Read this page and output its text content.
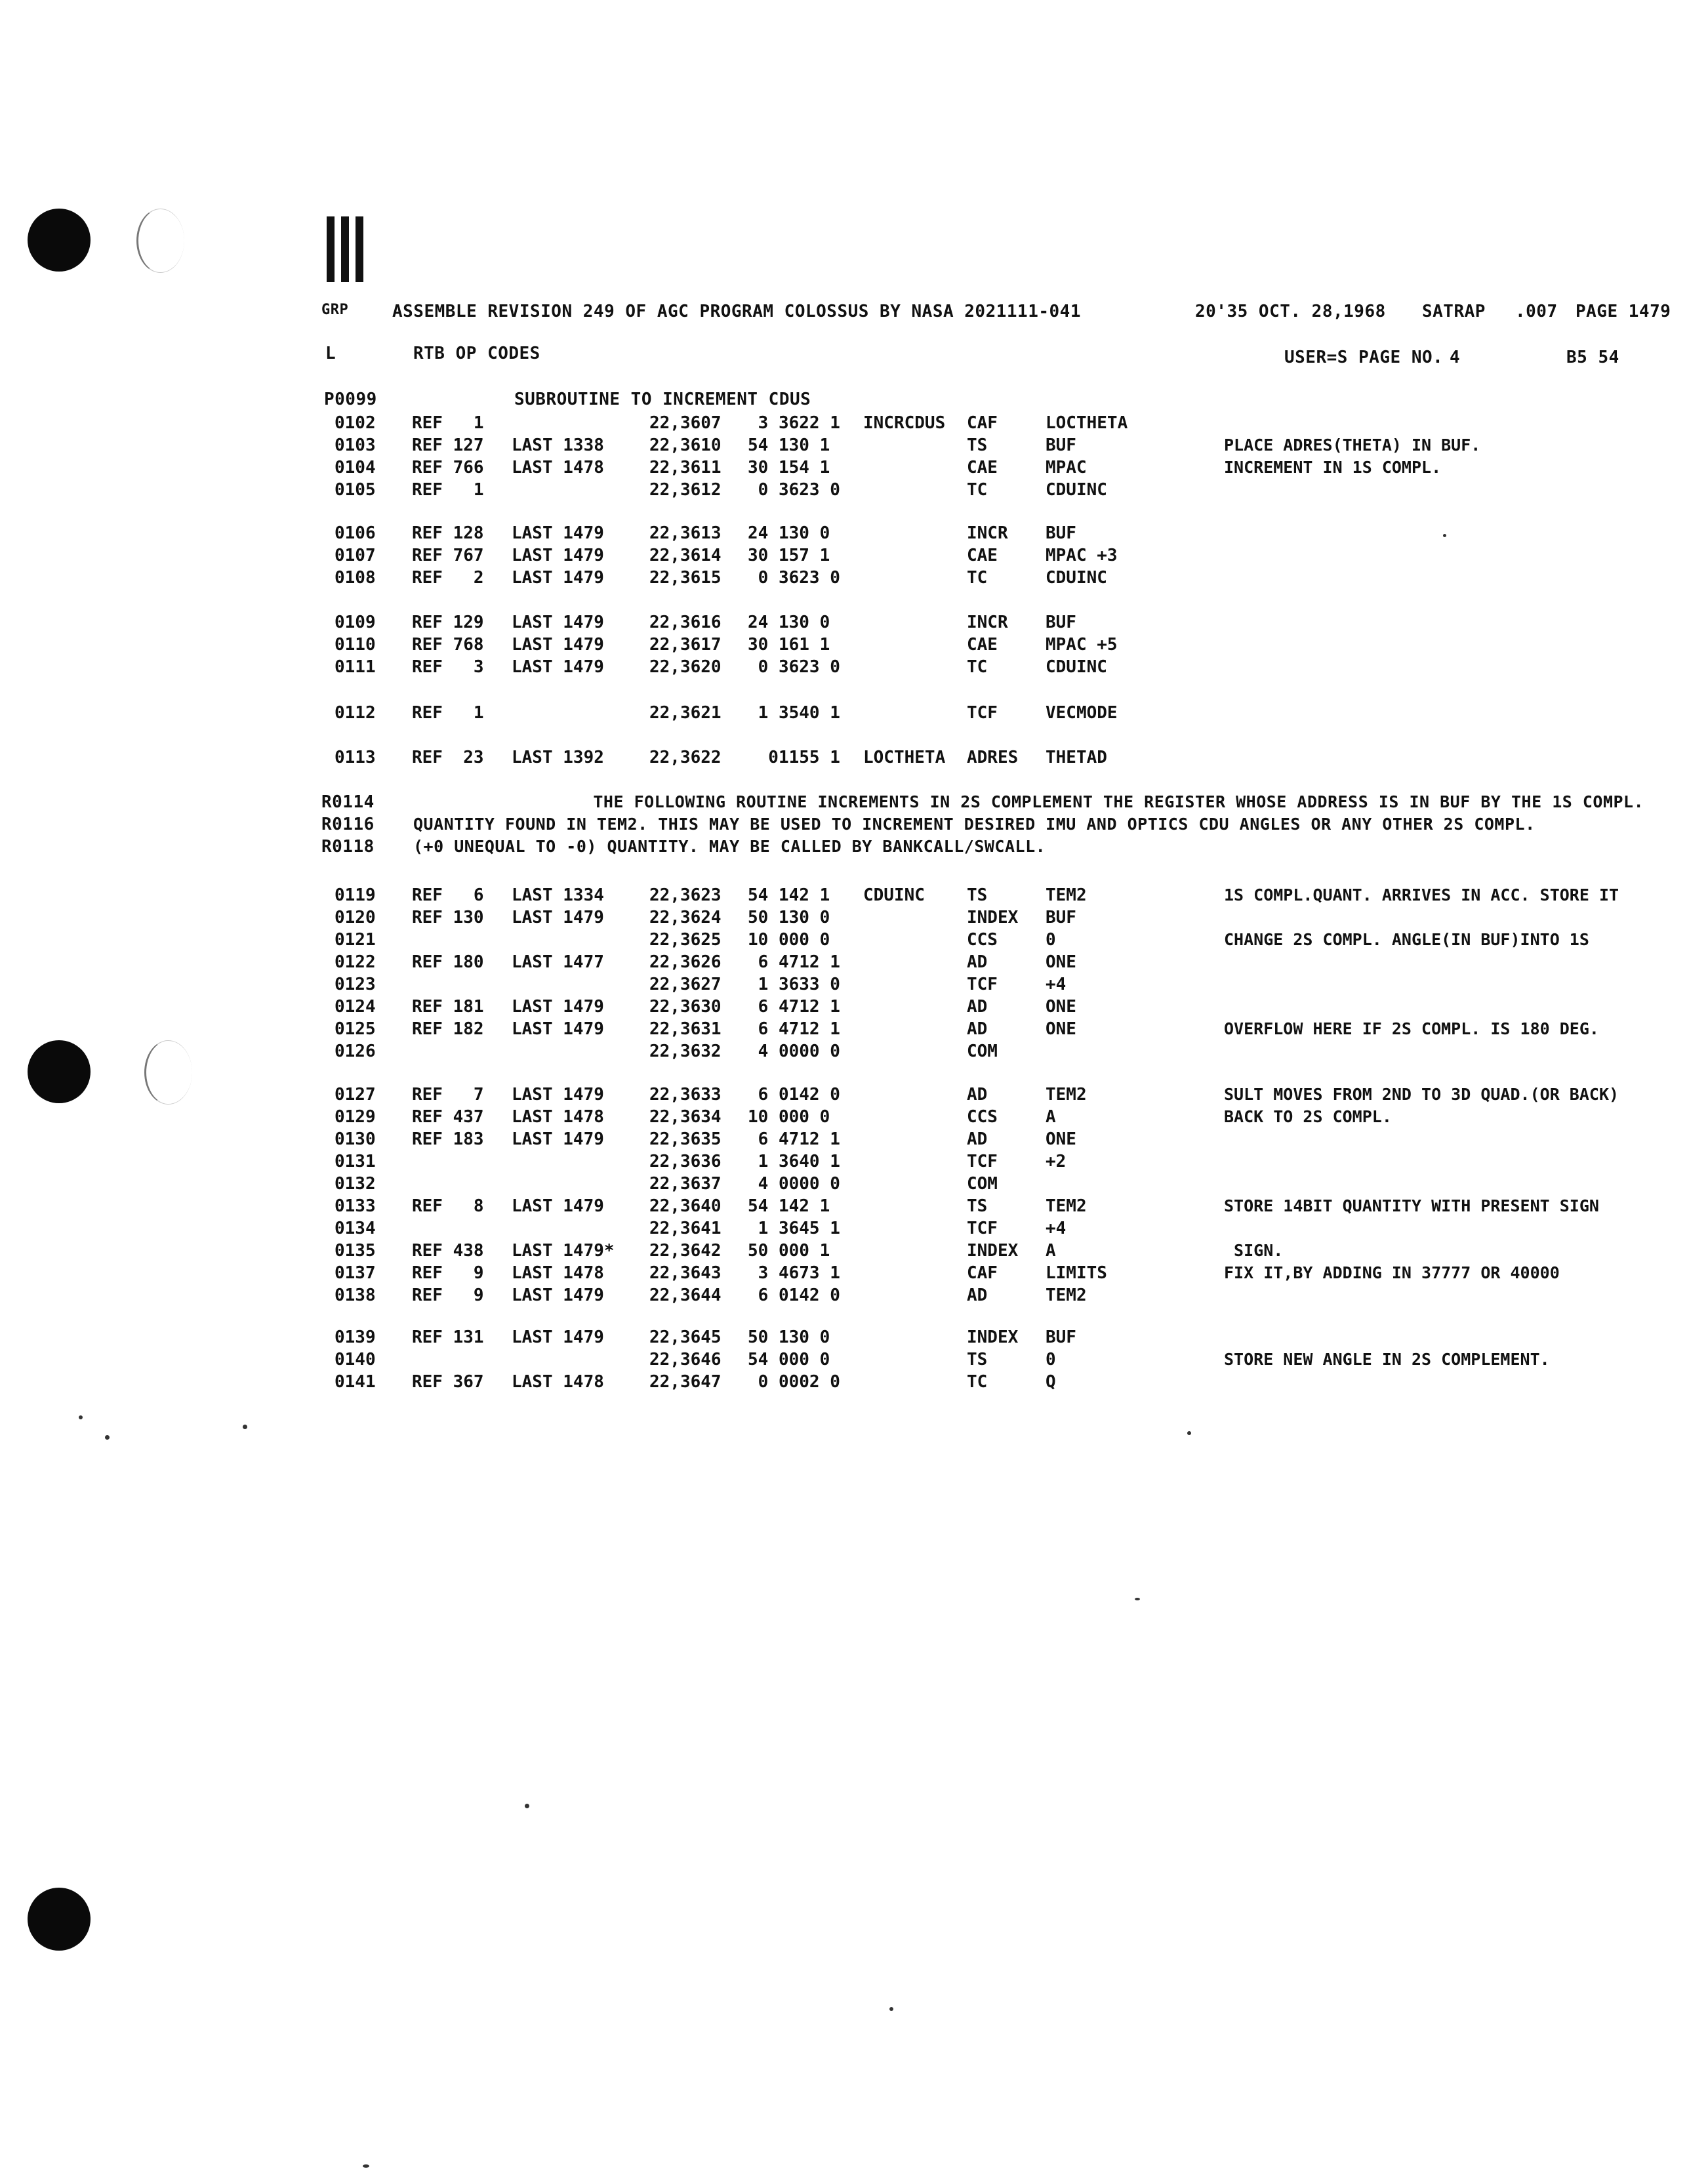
GRP	ASSEMBLE REVISION 249 OF AGC PROGRAM COLOSSUS BY NASA 2021111-041	20'35 OCT. 28,1968 SATRAP .007 PAGE 1479
L	RTB OP CODES	USER=S PAGE NO. 4	B5 54
P0099	SUBROUTINE TO INCREMENT CDUS
0102 REF   1	22,3607 3 3622 1 INCRCDUS CAF	LOCTHETA
0103 REF 127 LAST 1338	22,3610 54 130 1	TS	BUF	PLACE ADRES(THETA) IN BUF.
0104 REF 766 LAST 1478	22,3611 30 154 1	CAE	MPAC	INCREMENT IN 1S COMPL.
0105 REF   1	22,3612 0 3623 0	TC	CDUINC
0106 REF 128 LAST 1479	22,3613 24 130 0	INCR BUF
0107 REF 767 LAST 1479	22,3614 30 157 1	CAE	MPAC +3
0108 REF   2 LAST 1479	22,3615 0 3623 0	TC	CDUINC
0109 REF 129 LAST 1479	22,3616 24 130 0	INCR BUF
0110 REF 768 LAST 1479	22,3617 30 161 1	CAE	MPAC +5
0111 REF   3 LAST 1479	22,3620 0 3623 0	TC	CDUINC
0112 REF   1	22,3621 1 3540 1	TCF	VECMODE
0113 REF  23 LAST 1392	22,3622 01155 1 LOCTHETA ADRES THETAD
0119 REF   6 LAST 1334	22,3623 54 142 1 CDUINC TS	TEM2	1S COMPL.QUANT. ARRIVES IN ACC. STORE IT
0120 REF 130 LAST 1479	22,3624 50 130 0	INDEX BUF
0121	22,3625 10 000 0	CCS	0	CHANGE 2S COMPL. ANGLE(IN BUF)INTO 1S
0122 REF 180 LAST 1477	22,3626 6 4712 1	AD	ONE
0123	22,3627 1 3633 0	TCF	+4
0124 REF 181 LAST 1479	22,3630 6 4712 1	AD	ONE
0125 REF 182 LAST 1479	22,3631 6 4712 1	AD	ONE	OVERFLOW HERE IF 2S COMPL. IS 180 DEG.
0126	22,3632 4 0000 0	COM
0127 REF   7 LAST 1479	22,3633 6 0142 0	AD	TEM2	SULT MOVES FROM 2ND TO 3D QUAD.(OR BACK)
0129 REF 437 LAST 1478	22,3634 10 000 0	CCS	A	BACK TO 2S COMPL.
0130 REF 183 LAST 1479	22,3635 6 4712 1	AD	ONE
0131	22,3636 1 3640 1	TCF	+2
0132	22,3637 4 0000 0	COM
0133 REF   8 LAST 1479	22,3640 54 142 1	TS	TEM2	STORE 14BIT QUANTITY WITH PRESENT SIGN
0134	22,3641 1 3645 1	TCF	+4
0135 REF 438 LAST 1479* 22,3642 50 000 1	INDEX A	SIGN.
0137 REF   9 LAST 1478	22,3643 3 4673 1	CAF	LIMITS	FIX IT,BY ADDING IN 37777 OR 40000
0138 REF   9 LAST 1479	22,3644 6 0142 0	AD	TEM2
0139 REF 131 LAST 1479	22,3645 50 130 0	INDEX BUF
0140	22,3646 54 000 0	TS	0	STORE NEW ANGLE IN 2S COMPLEMENT.
0141 REF 367 LAST 1478	22,3647 0 0002 0	TC	Q
R0114	THE FOLLOWING ROUTINE INCREMENTS IN 2S COMPLEMENT THE REGISTER WHOSE ADDRESS IS IN BUF BY THE 1S COMPL.
R0116 QUANTITY FOUND IN TEM2. THIS MAY BE USED TO INCREMENT DESIRED IMU AND OPTICS CDU ANGLES OR ANY OTHER 2S COMPL.
R0118 (+0 UNEQUAL TO -0) QUANTITY. MAY BE CALLED BY BANKCALL/SWCALL.
